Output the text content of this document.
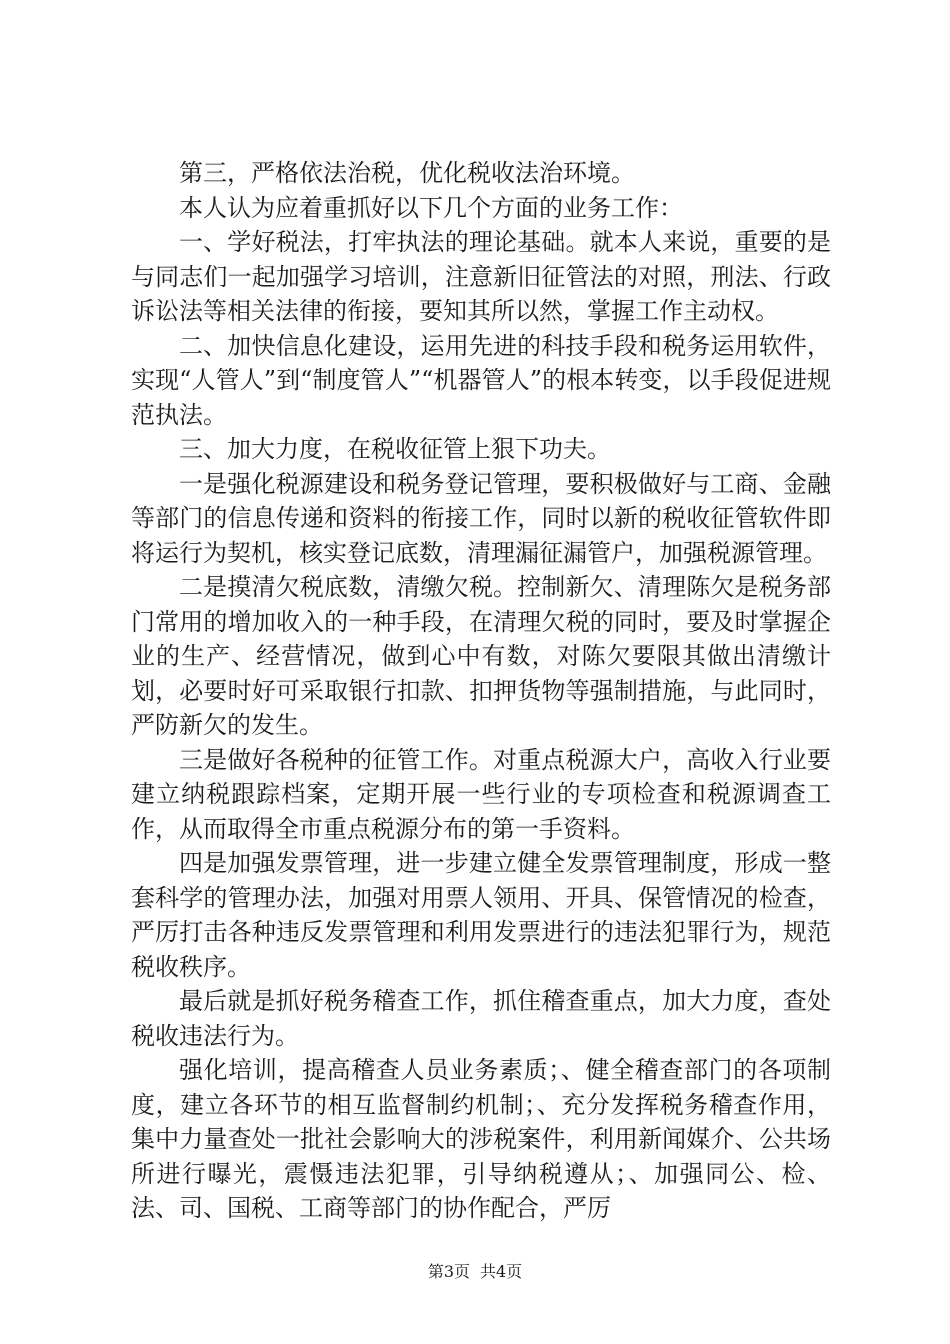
第三，严格依法治税，优化税收法治环境。

本人认为应着重抓好以下几个方面的业务工作：

一、学好税法，打牢执法的理论基础。就本人来说，重要的是与同志们一起加强学习培训，注意新旧征管法的对照，刑法、行政诉讼法等相关法律的衔接，要知其所以然，掌握工作主动权。

二、加快信息化建设，运用先进的科技手段和税务运用软件，实现“人管人”到“制度管人”“机器管人”的根本转变，以手段促进规范执法。

三、加大力度，在税收征管上狠下功夫。

一是强化税源建设和税务登记管理，要积极做好与工商、金融等部门的信息传递和资料的衔接工作，同时以新的税收征管软件即将运行为契机，核实登记底数，清理漏征漏管户，加强税源管理。

二是摸清欠税底数，清缴欠税。控制新欠、清理陈欠是税务部门常用的增加收入的一种手段，在清理欠税的同时，要及时掌握企业的生产、经营情况，做到心中有数，对陈欠要限其做出清缴计划，必要时好可采取银行扣款、扣押货物等强制措施，与此同时，严防新欠的发生。

三是做好各税种的征管工作。对重点税源大户，高收入行业要建立纳税跟踪档案，定期开展一些行业的专项检查和税源调查工作，从而取得全市重点税源分布的第一手资料。

四是加强发票管理，进一步建立健全发票管理制度，形成一整套科学的管理办法，加强对用票人领用、开具、保管情况的检查，严厉打击各种违反发票管理和利用发票进行的违法犯罪行为，规范税收秩序。

最后就是抓好税务稽查工作，抓住稽查重点，加大力度，查处税收违法行为。

强化培训，提高稽查人员业务素质；、健全稽查部门的各项制度，建立各环节的相互监督制约机制；、充分发挥税务稽查作用，集中力量查处一批社会影响大的涉税案件，利用新闻媒介、公共场所进行曝光，震慑违法犯罪，引导纳税遵从；、加强同公、检、法、司、国税、工商等部门的协作配合，严厉

第3页 共4页
